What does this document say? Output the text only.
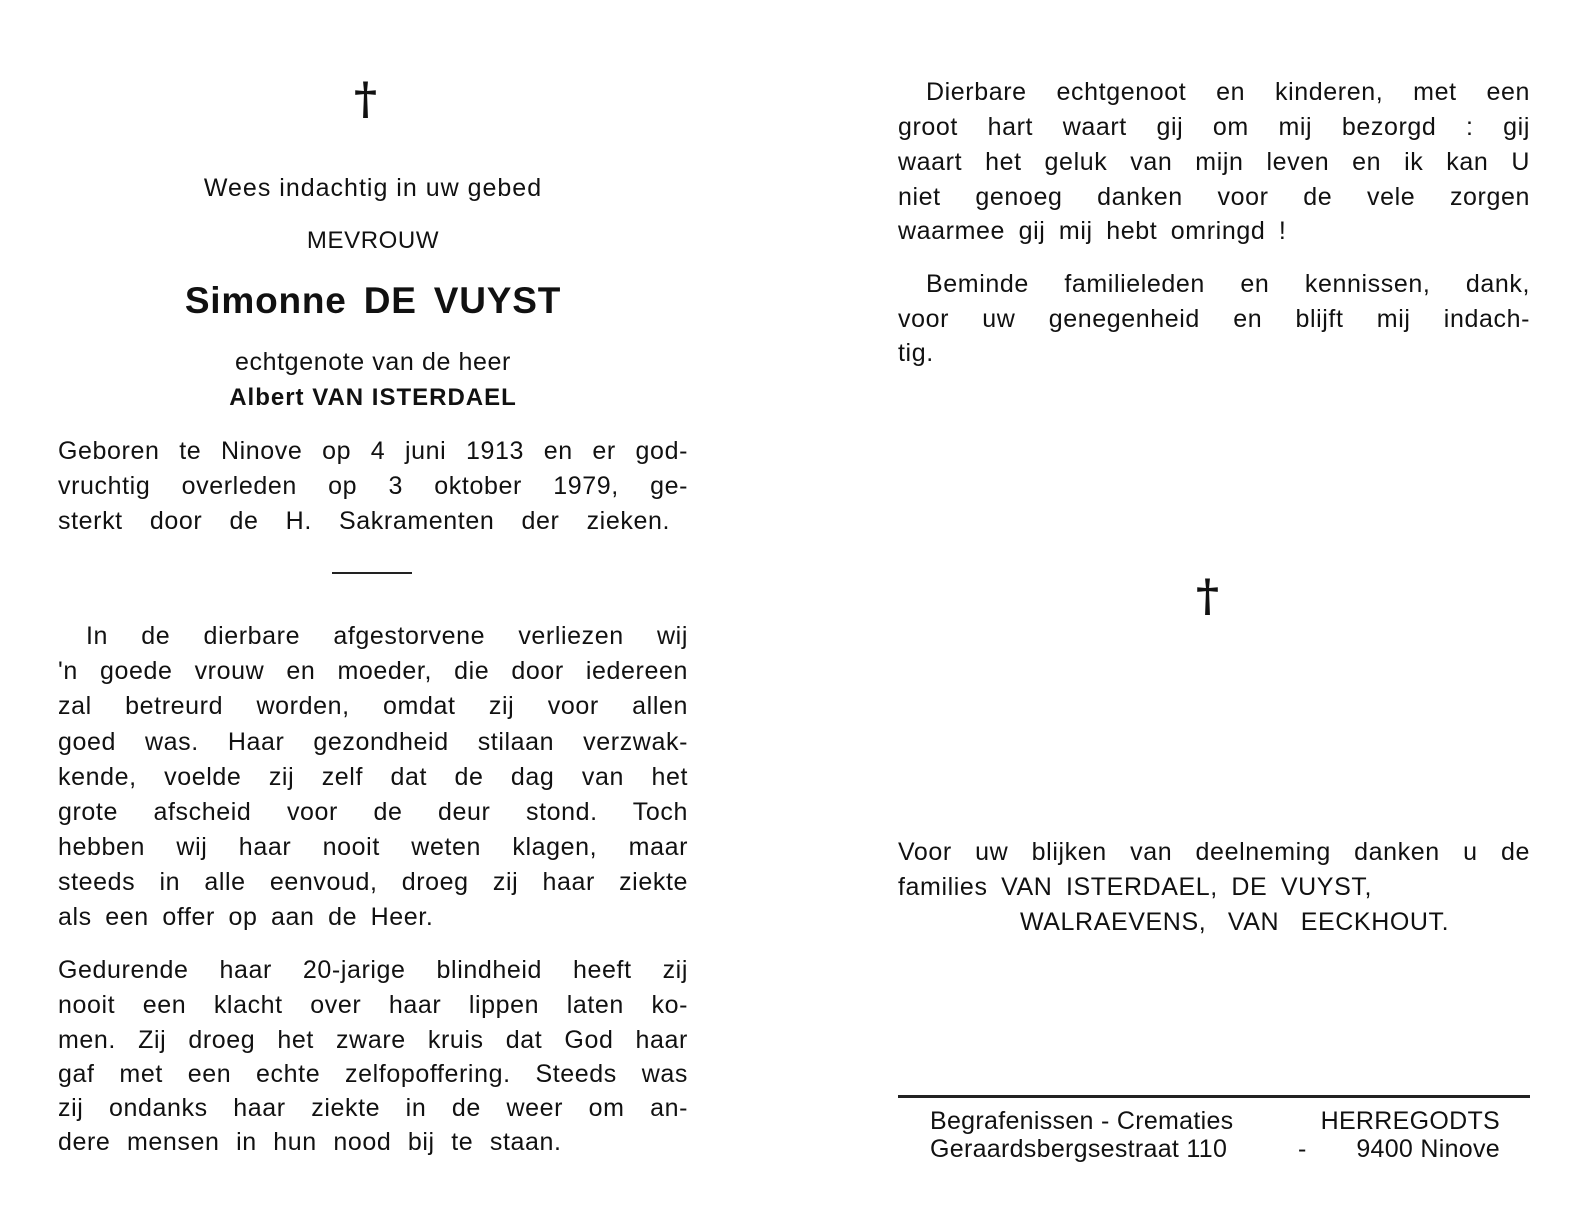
†
Wees indachtig in uw gebed
MEVROUW
Simonne DE VUYST
echtgenote van de heer
Albert VAN ISTERDAEL
Geboren te Ninove op 4 juni 1913 en er god-
vruchtig overleden op 3 oktober 1979, ge-
sterkt door de H. Sakramenten der zieken.
In de dierbare afgestorvene verliezen wij
'n goede vrouw en moeder, die door iedereen
zal betreurd worden, omdat zij voor allen
goed was. Haar gezondheid stilaan verzwak-
kende, voelde zij zelf dat de dag van het
grote afscheid voor de deur stond. Toch
hebben wij haar nooit weten klagen, maar
steeds in alle eenvoud, droeg zij haar ziekte
als een offer op aan de Heer.
Gedurende haar 20-jarige blindheid heeft zij
nooit een klacht over haar lippen laten ko-
men. Zij droeg het zware kruis dat God haar
gaf met een echte zelfopoffering. Steeds was
zij ondanks haar ziekte in de weer om an-
dere mensen in hun nood bij te staan.
Dierbare echtgenoot en kinderen, met een
groot hart waart gij om mij bezorgd : gij
waart het geluk van mijn leven en ik kan U
niet genoeg danken voor de vele zorgen
waarmee gij mij hebt omringd !
Beminde familieleden en kennissen, dank,
voor uw genegenheid en blijft mij indach-
tig.
†
Voor uw blijken van deelneming danken u de
families VAN ISTERDAEL, DE VUYST,
WALRAEVENS, VAN EECKHOUT.
Begrafenissen - Crematies	HERREGODTS
Geraardsbergsestraat 110	- 9400 Ninove
